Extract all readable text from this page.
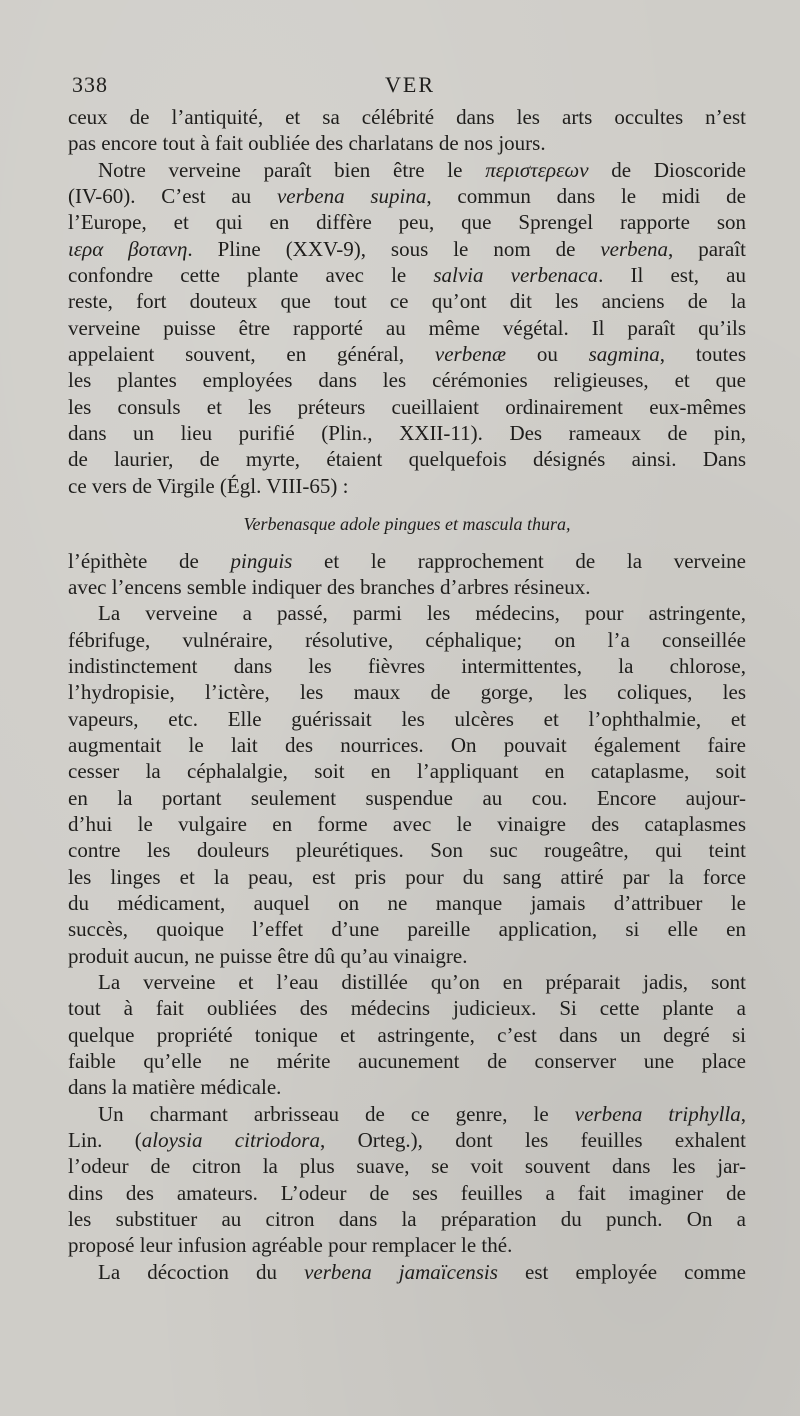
338	VER
ceux de l’antiquité, et sa célébrité dans les arts occultes n’est
pas encore tout à fait oubliée des charlatans de nos jours.
Notre verveine paraît bien être le περιστερεων de Dioscoride
(IV-60). C’est au verbena supina, commun dans le midi de
l’Europe, et qui en diffère peu, que Sprengel rapporte son
ιερα βοτανη. Pline (XXV-9), sous le nom de verbena, paraît
confondre cette plante avec le salvia verbenaca. Il est, au
reste, fort douteux que tout ce qu’ont dit les anciens de la
verveine puisse être rapporté au même végétal. Il paraît qu’ils
appelaient souvent, en général, verbenæ ou sagmina, toutes
les plantes employées dans les cérémonies religieuses, et que
les consuls et les préteurs cueillaient ordinairement eux-mêmes
dans un lieu purifié (Plin., XXII-11). Des rameaux de pin,
de laurier, de myrte, étaient quelquefois désignés ainsi. Dans
ce vers de Virgile (Égl. VIII-65) :
Verbenasque adole pingues et mascula thura,
l’épithète de pinguis et le rapprochement de la verveine
avec l’encens semble indiquer des branches d’arbres résineux.
La verveine a passé, parmi les médecins, pour astringente,
fébrifuge, vulnéraire, résolutive, céphalique; on l’a conseillée
indistinctement dans les fièvres intermittentes, la chlorose,
l’hydropisie, l’ictère, les maux de gorge, les coliques, les
vapeurs, etc. Elle guérissait les ulcères et l’ophthalmie, et
augmentait le lait des nourrices. On pouvait également faire
cesser la céphalalgie, soit en l’appliquant en cataplasme, soit
en la portant seulement suspendue au cou. Encore aujour-
d’hui le vulgaire en forme avec le vinaigre des cataplasmes
contre les douleurs pleurétiques. Son suc rougeâtre, qui teint
les linges et la peau, est pris pour du sang attiré par la force
du médicament, auquel on ne manque jamais d’attribuer le
succès, quoique l’effet d’une pareille application, si elle en
produit aucun, ne puisse être dû qu’au vinaigre.
La verveine et l’eau distillée qu’on en préparait jadis, sont
tout à fait oubliées des médecins judicieux. Si cette plante a
quelque propriété tonique et astringente, c’est dans un degré si
faible qu’elle ne mérite aucunement de conserver une place
dans la matière médicale.
Un charmant arbrisseau de ce genre, le verbena triphylla,
Lin. (aloysia citriodora, Orteg.), dont les feuilles exhalent
l’odeur de citron la plus suave, se voit souvent dans les jar-
dins des amateurs. L’odeur de ses feuilles a fait imaginer de
les substituer au citron dans la préparation du punch. On a
proposé leur infusion agréable pour remplacer le thé.
La décoction du verbena jamaïcensis est employée comme
